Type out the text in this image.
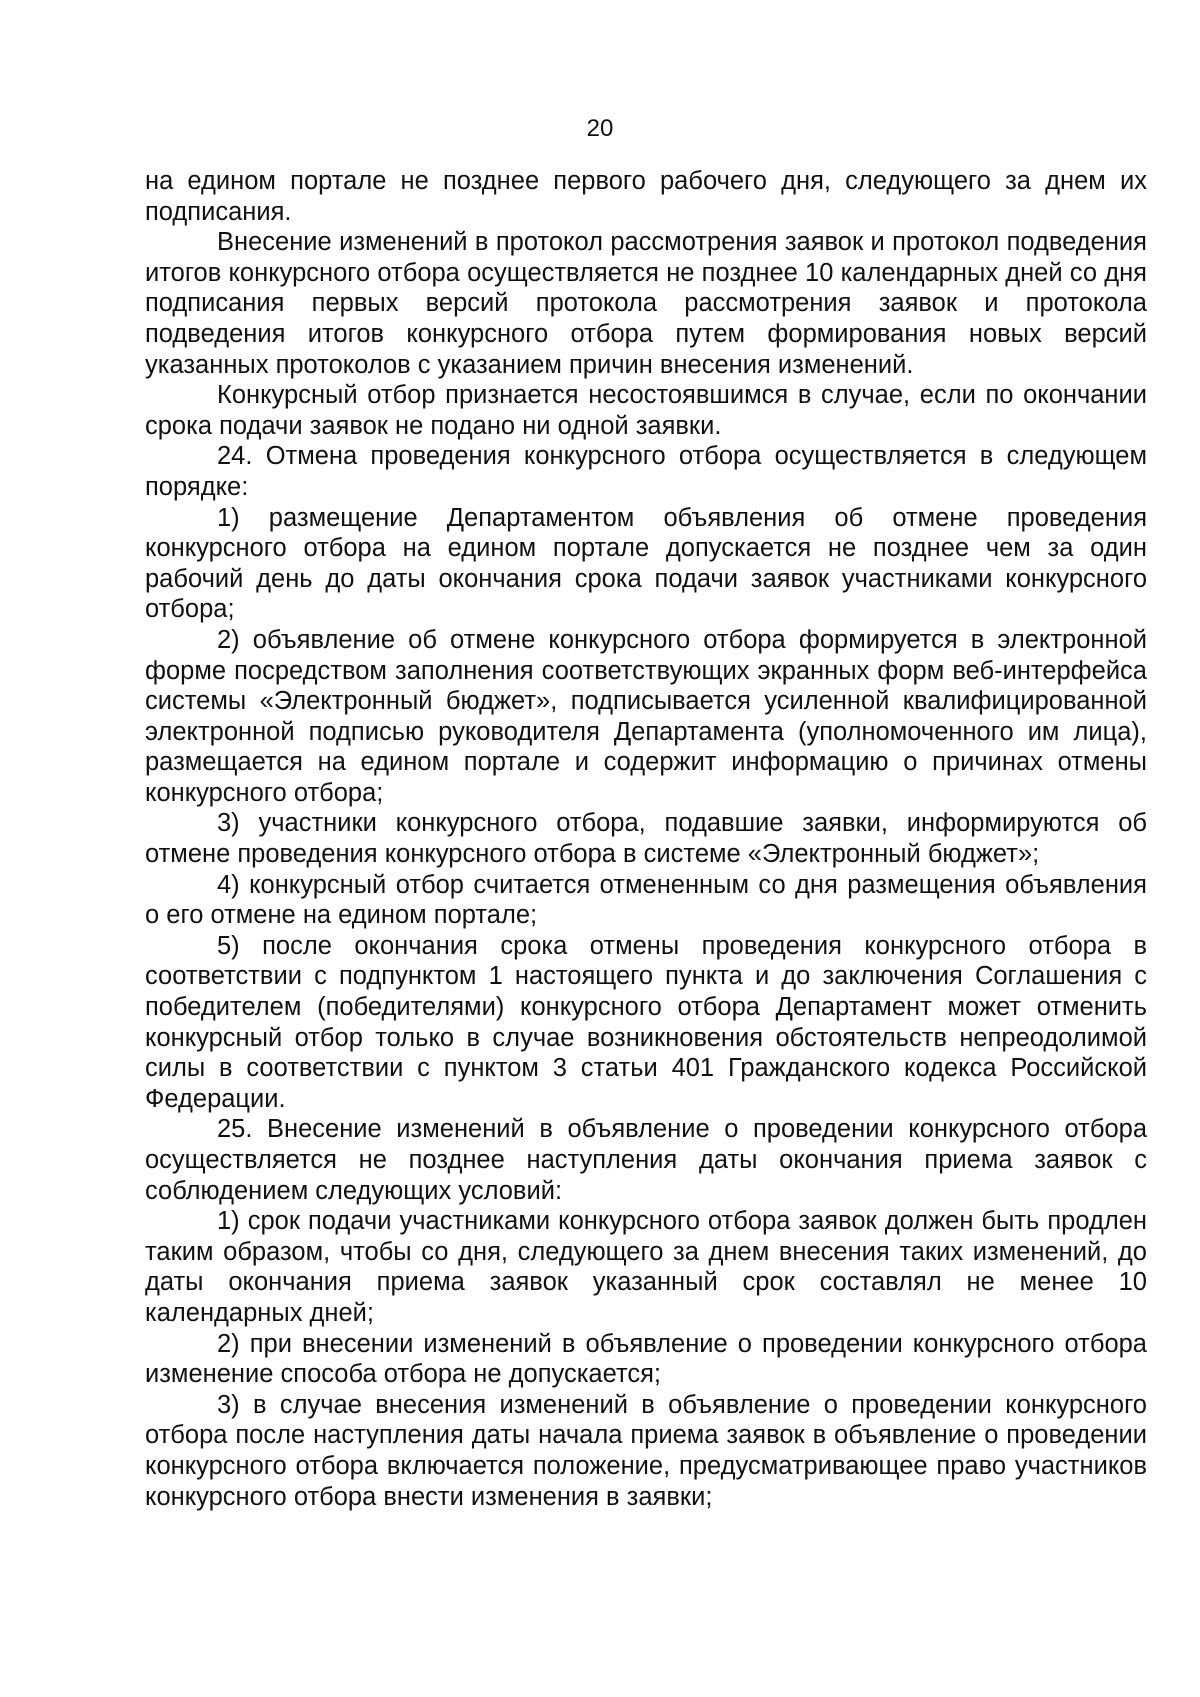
20

на едином портале не позднее первого рабочего дня, следующего за днем их подписания.

Внесение изменений в протокол рассмотрения заявок и протокол подведения итогов конкурсного отбора осуществляется не позднее 10 календарных дней со дня подписания первых версий протокола рассмотрения заявок и протокола подведения итогов конкурсного отбора путем формирования новых версий указанных протоколов с указанием причин внесения изменений.

Конкурсный отбор признается несостоявшимся в случае, если по окончании срока подачи заявок не подано ни одной заявки.

24. Отмена проведения конкурсного отбора осуществляется в следующем порядке:

1) размещение Департаментом объявления об отмене проведения конкурсного отбора на едином портале допускается не позднее чем за один рабочий день до даты окончания срока подачи заявок участниками конкурсного отбора;

2) объявление об отмене конкурсного отбора формируется в электронной форме посредством заполнения соответствующих экранных форм веб-интерфейса системы «Электронный бюджет», подписывается усиленной квалифицированной электронной подписью руководителя Департамента (уполномоченного им лица), размещается на едином портале и содержит информацию о причинах отмены конкурсного отбора;

3) участники конкурсного отбора, подавшие заявки, информируются об отмене проведения конкурсного отбора в системе «Электронный бюджет»;

4) конкурсный отбор считается отмененным со дня размещения объявления о его отмене на едином портале;

5) после окончания срока отмены проведения конкурсного отбора в соответствии с подпунктом 1 настоящего пункта и до заключения Соглашения с победителем (победителями) конкурсного отбора Департамент может отменить конкурсный отбор только в случае возникновения обстоятельств непреодолимой силы в соответствии с пунктом 3 статьи 401 Гражданского кодекса Российской Федерации.

25. Внесение изменений в объявление о проведении конкурсного отбора осуществляется не позднее наступления даты окончания приема заявок с соблюдением следующих условий:

1) срок подачи участниками конкурсного отбора заявок должен быть продлен таким образом, чтобы со дня, следующего за днем внесения таких изменений, до даты окончания приема заявок указанный срок составлял не менее 10 календарных дней;

2) при внесении изменений в объявление о проведении конкурсного отбора изменение способа отбора не допускается;

3) в случае внесения изменений в объявление о проведении конкурсного отбора после наступления даты начала приема заявок в объявление о проведении конкурсного отбора включается положение, предусматривающее право участников конкурсного отбора внести изменения в заявки;
